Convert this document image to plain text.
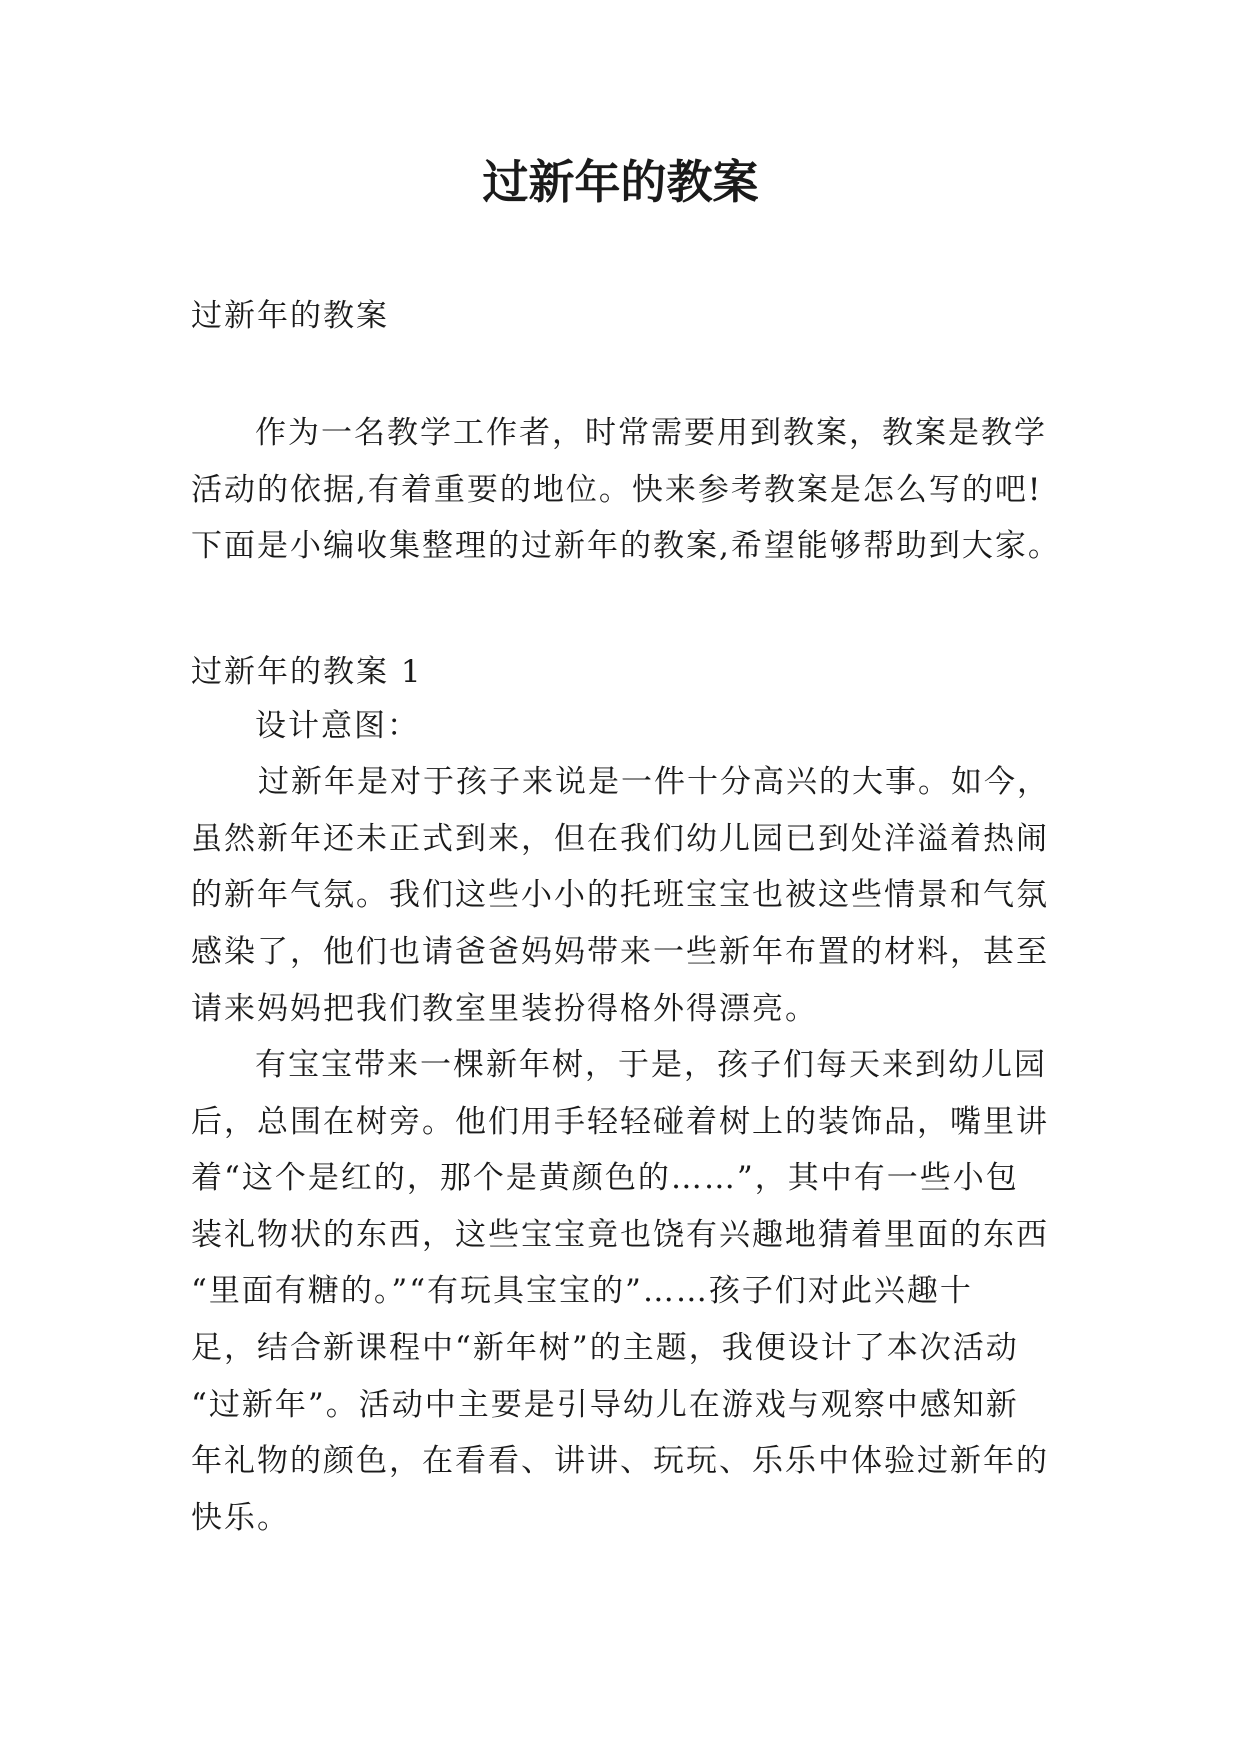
过新年的教案

过新年的教案

作为一名教学工作者，时常需要用到教案，教案是教学

活动的依据,有着重要的地位。快来参考教案是怎么写的吧!

下面是小编收集整理的过新年的教案,希望能够帮助到大家。

过新年的教案 1

设计意图：

过新年是对于孩子来说是一件十分高兴的大事。如今，

虽然新年还未正式到来，但在我们幼儿园已到处洋溢着热闹

的新年气氛。我们这些小小的托班宝宝也被这些情景和气氛

感染了，他们也请爸爸妈妈带来一些新年布置的材料，甚至

请来妈妈把我们教室里装扮得格外得漂亮。

有宝宝带来一棵新年树，于是，孩子们每天来到幼儿园

后，总围在树旁。他们用手轻轻碰着树上的装饰品，嘴里讲

着“这个是红的，那个是黄颜色的……”，其中有一些小包

装礼物状的东西，这些宝宝竟也饶有兴趣地猜着里面的东西

“里面有糖的。”“有玩具宝宝的”……孩子们对此兴趣十

足，结合新课程中“新年树”的主题，我便设计了本次活动

“过新年”。活动中主要是引导幼儿在游戏与观察中感知新

年礼物的颜色，在看看、讲讲、玩玩、乐乐中体验过新年的

快乐。
